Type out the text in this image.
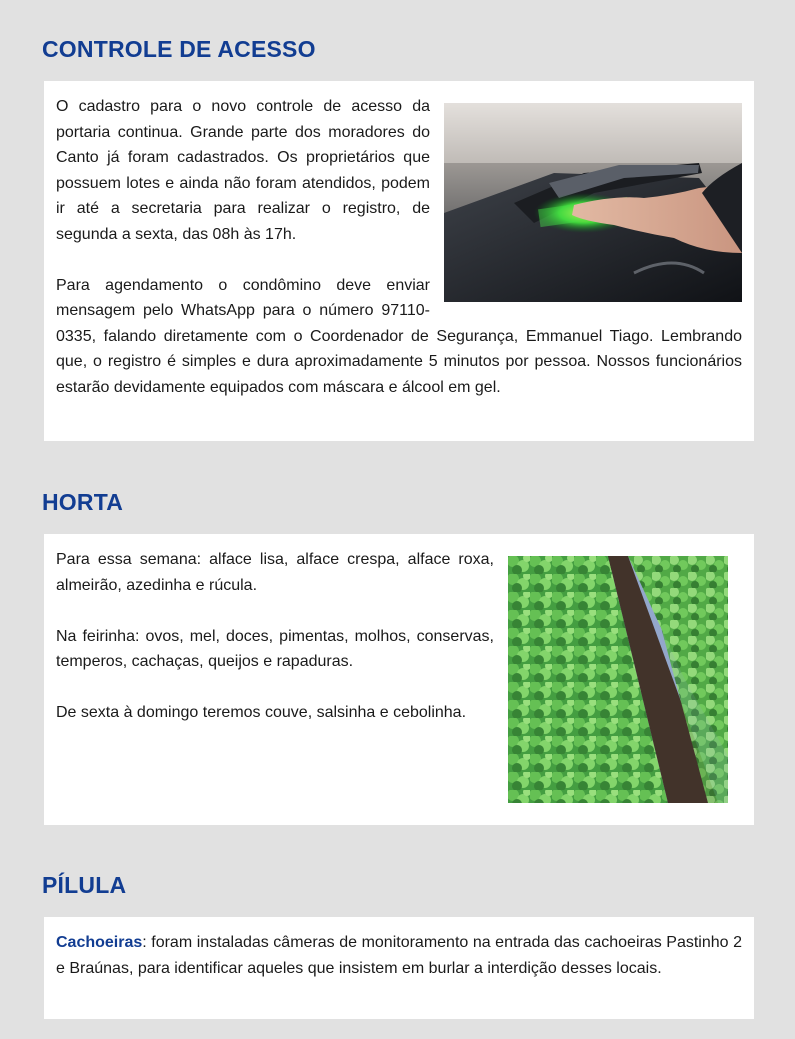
CONTROLE DE ACESSO

O cadastro para o novo controle de acesso da portaria continua. Grande parte dos moradores do Canto já foram cadastrados. Os proprietários que possuem lotes e ainda não foram atendidos, podem ir até a secretaria para realizar o registro, de segunda a sexta, das 08h às 17h.

Para agendamento o condômino deve enviar mensagem pelo WhatsApp para o número 97110-0335, falando diretamente com o Coordenador de Segurança, Emmanuel Tiago. Lembrando que, o registro é simples e dura aproximadamente 5 minutos por pessoa. Nossos funcionários estarão devidamente equipados com máscara e álcool em gel.

HORTA

Para essa semana: alface lisa, alface crespa, alface roxa, almeirão, azedinha e rúcula.

Na feirinha: ovos, mel, doces, pimentas, molhos, conservas, temperos, cachaças, queijos e rapaduras.

De sexta à domingo teremos couve, salsinha e cebolinha.

PÍLULA

Cachoeiras: foram instaladas câmeras de monitoramento na entrada das cachoeiras Pastinho 2 e Braúnas, para identificar aqueles que insistem em burlar a interdição desses locais.
